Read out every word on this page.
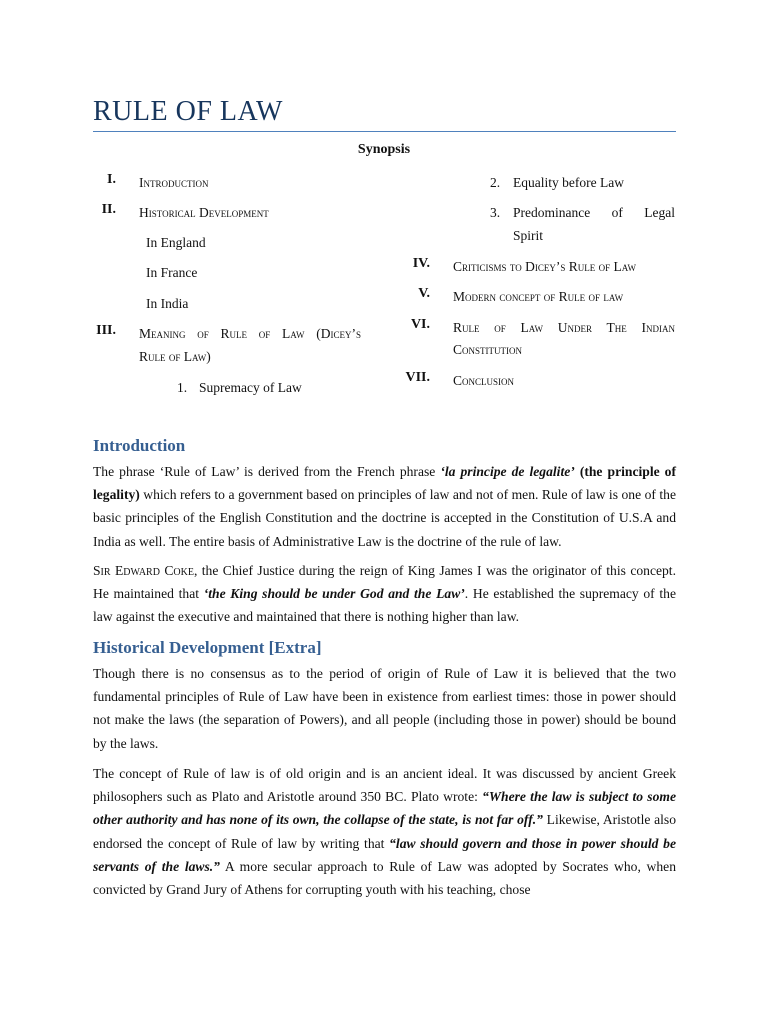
RULE OF LAW
Synopsis
I. Introduction
II. Historical Development
In England
In France
In India
III. Meaning of Rule of Law (Dicey’s
Rule of Law)
1. Supremacy of Law
2. Equality before Law
3. Predominance of Legal
Spirit
IV. Criticisms to Dicey’s Rule of Law
V. Modern concept of Rule of law
VI. Rule of Law Under The Indian
Constitution
VII. Conclusion
Introduction
The phrase ‘Rule of Law’ is derived from the French phrase ‘la principe de legalite’ (the principle of legality) which refers to a government based on principles of law and not of men. Rule of law is one of the basic principles of the English Constitution and the doctrine is accepted in the Constitution of U.S.A and India as well. The entire basis of Administrative Law is the doctrine of the rule of law.
Sir Edward Coke, the Chief Justice during the reign of King James I was the originator of this concept. He maintained that ‘the King should be under God and the Law’. He established the supremacy of the law against the executive and maintained that there is nothing higher than law.
Historical Development [Extra]
Though there is no consensus as to the period of origin of Rule of Law it is believed that the two fundamental principles of Rule of Law have been in existence from earliest times: those in power should not make the laws (the separation of Powers), and all people (including those in power) should be bound by the laws.
The concept of Rule of law is of old origin and is an ancient ideal. It was discussed by ancient Greek philosophers such as Plato and Aristotle around 350 BC. Plato wrote: “Where the law is subject to some other authority and has none of its own, the collapse of the state, is not far off.” Likewise, Aristotle also endorsed the concept of Rule of law by writing that “law should govern and those in power should be servants of the laws.” A more secular approach to Rule of Law was adopted by Socrates who, when convicted by Grand Jury of Athens for corrupting youth with his teaching, chose
